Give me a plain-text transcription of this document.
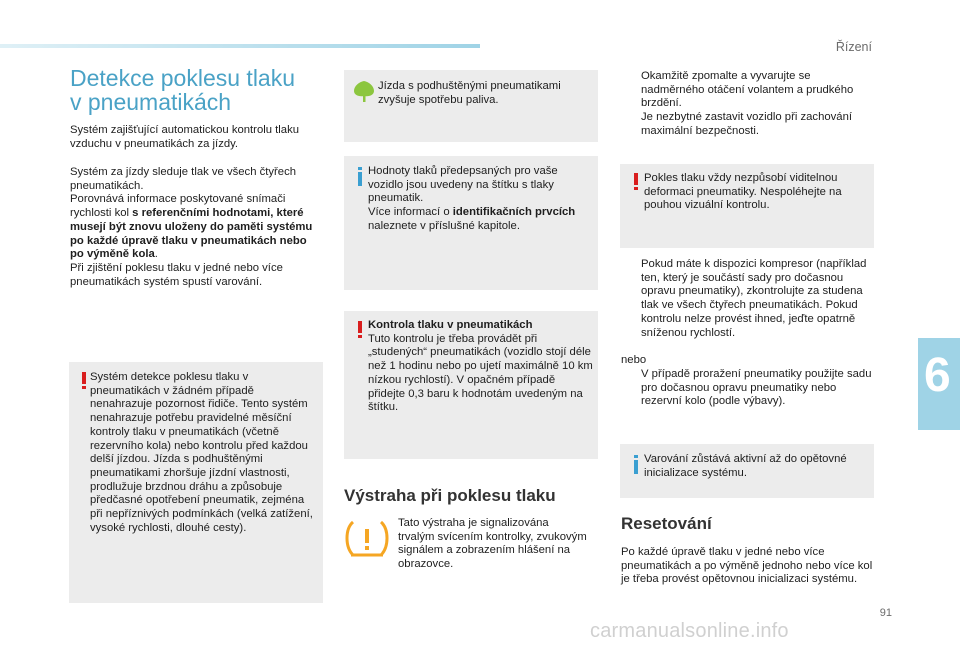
Řízení
6
Detekce poklesu tlaku
v pneumatikách

Systém zajišťující automatickou kontrolu tlaku vzduchu v pneumatikách za jízdy.

Systém za jízdy sleduje tlak ve všech čtyřech pneumatikách.
Porovnává informace poskytované snímači rychlosti kol s referenčními hodnotami, které musejí být znovu uloženy do paměti systému po každé úpravě tlaku v pneumatikách nebo po výměně kola.
Při zjištění poklesu tlaku v jedné nebo více pneumatikách systém spustí varování.

Systém detekce poklesu tlaku v pneumatikách v žádném případě nenahrazuje pozornost řidiče. Tento systém nenahrazuje potřebu pravidelné měsíční kontroly tlaku v pneumatikách (včetně rezervního kola) nebo kontrolu před každou delší jízdou. Jízda s podhuštěnými pneumatikami zhoršuje jízdní vlastnosti, prodlužuje brzdnou dráhu a způsobuje předčasné opotřebení pneumatik, zejména při nepříznivých podmínkách (velká zatížení, vysoké rychlosti, dlouhé cesty).

Jízda s podhuštěnými pneumatikami zvyšuje spotřebu paliva.

Hodnoty tlaků předepsaných pro vaše vozidlo jsou uvedeny na štítku s tlaky pneumatik.
Více informací o identifikačních prvcích naleznete v příslušné kapitole.

Kontrola tlaku v pneumatikách
Tuto kontrolu je třeba provádět při „studených“ pneumatikách (vozidlo stojí déle než 1 hodinu nebo po ujetí maximálně 10 km nízkou rychlostí). V opačném případě přidejte 0,3 baru k hodnotám uvedeným na štítku.

Výstraha při poklesu tlaku

Tato výstraha je signalizována trvalým svícením kontrolky, zvukovým signálem a zobrazením hlášení na obrazovce.

Okamžitě zpomalte a vyvarujte se nadměrného otáčení volantem a prudkého brzdění.
Je nezbytné zastavit vozidlo při zachování maximální bezpečnosti.

Pokles tlaku vždy nezpůsobí viditelnou deformaci pneumatiky. Nespoléhejte na pouhou vizuální kontrolu.

Pokud máte k dispozici kompresor (například ten, který je součástí sady pro dočasnou opravu pneumatiky), zkontrolujte za studena tlak ve všech čtyřech pneumatikách. Pokud kontrolu nelze provést ihned, jeďte opatrně sníženou rychlostí.
nebo
V případě proražení pneumatiky použijte sadu pro dočasnou opravu pneumatiky nebo rezervní kolo (podle výbavy).

Varování zůstává aktivní až do opětovné inicializace systému.

Resetování

Po každé úpravě tlaku v jedné nebo více pneumatikách a po výměně jednoho nebo více kol je třeba provést opětovnou inicializaci systému.

91
carmanualsonline.info
